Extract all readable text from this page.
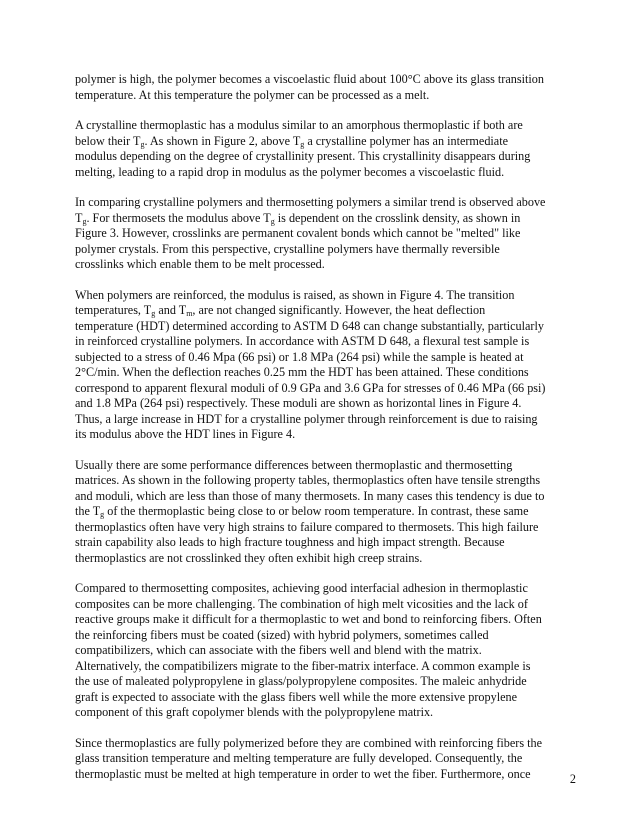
polymer is high, the polymer becomes a viscoelastic fluid about 100°C above its glass transition
temperature. At this temperature the polymer can be processed as a melt.

A crystalline thermoplastic has a modulus similar to an amorphous thermoplastic if both are
below their $T_g$. As shown in Figure 2, above $T_g$ a crystalline polymer has an intermediate
modulus depending on the degree of crystallinity present. This crystallinity disappears during
melting, leading to a rapid drop in modulus as the polymer becomes a viscoelastic fluid.

In comparing crystalline polymers and thermosetting polymers a similar trend is observed above
$T_g$. For thermosets the modulus above $T_g$ is dependent on the crosslink density, as shown in
Figure 3. However, crosslinks are permanent covalent bonds which cannot be "melted" like
polymer crystals. From this perspective, crystalline polymers have thermally reversible
crosslinks which enable them to be melt processed.

When polymers are reinforced, the modulus is raised, as shown in Figure 4. The transition
temperatures, $T_g$ and $T_m$, are not changed significantly. However, the heat deflection
temperature (HDT) determined according to ASTM D 648 can change substantially, particularly
in reinforced crystalline polymers. In accordance with ASTM D 648, a flexural test sample is
subjected to a stress of 0.46 Mpa (66 psi) or 1.8 MPa (264 psi) while the sample is heated at
2°C/min. When the deflection reaches 0.25 mm the HDT has been attained. These conditions
correspond to apparent flexural moduli of 0.9 GPa and 3.6 GPa for stresses of 0.46 MPa (66 psi)
and 1.8 MPa (264 psi) respectively. These moduli are shown as horizontal lines in Figure 4.
Thus, a large increase in HDT for a crystalline polymer through reinforcement is due to raising
its modulus above the HDT lines in Figure 4.

Usually there are some performance differences between thermoplastic and thermosetting
matrices. As shown in the following property tables, thermoplastics often have tensile strengths
and moduli, which are less than those of many thermosets. In many cases this tendency is due to
the $T_g$ of the thermoplastic being close to or below room temperature. In contrast, these same
thermoplastics often have very high strains to failure compared to thermosets. This high failure
strain capability also leads to high fracture toughness and high impact strength. Because
thermoplastics are not crosslinked they often exhibit high creep strains.

Compared to thermosetting composites, achieving good interfacial adhesion in thermoplastic
composites can be more challenging. The combination of high melt vicosities and the lack of
reactive groups make it difficult for a thermoplastic to wet and bond to reinforcing fibers. Often
the reinforcing fibers must be coated (sized) with hybrid polymers, sometimes called
compatibilizers, which can associate with the fibers well and blend with the matrix.
Alternatively, the compatibilizers migrate to the fiber-matrix interface. A common example is
the use of maleated polypropylene in glass/polypropylene composites. The maleic anhydride
graft is expected to associate with the glass fibers well while the more extensive propylene
component of this graft copolymer blends with the polypropylene matrix.

Since thermoplastics are fully polymerized before they are combined with reinforcing fibers the
glass transition temperature and melting temperature are fully developed. Consequently, the
thermoplastic must be melted at high temperature in order to wet the fiber. Furthermore, once	2
